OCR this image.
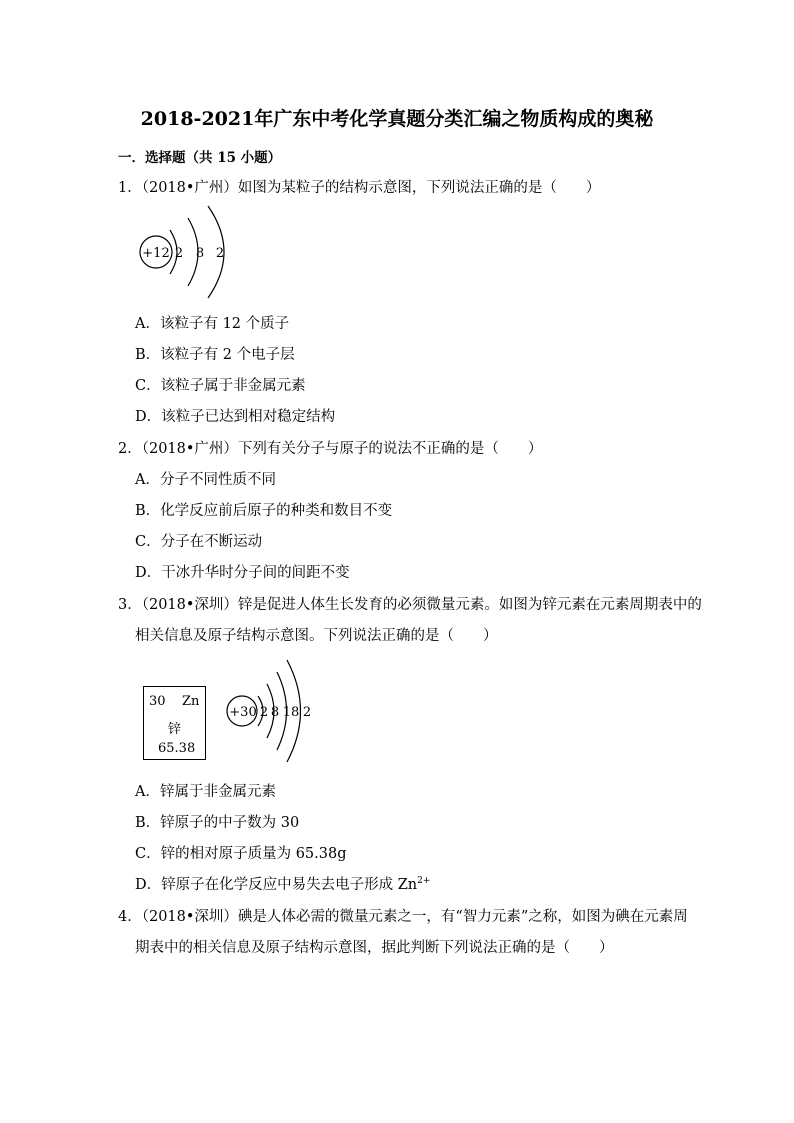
2018-2021年广东中考化学真题分类汇编之物质构成的奥秘
一．选择题（共 15 小题）
1．（2018•广州）如图为某粒子的结构示意图，下列说法正确的是（　　）
+12 2 8 2
A．该粒子有 12 个质子
B．该粒子有 2 个电子层
C．该粒子属于非金属元素
D．该粒子已达到相对稳定结构
2．（2018•广州）下列有关分子与原子的说法不正确的是（　　）
A．分子不同性质不同
B．化学反应前后原子的种类和数目不变
C．分子在不断运动
D．干冰升华时分子间的间距不变
3．（2018•深圳）锌是促进人体生长发育的必须微量元素。如图为锌元素在元素周期表中的
相关信息及原子结构示意图。下列说法正确的是（　　）
30 Zn
锌
65.38
+30 2 8 18 2
A．锌属于非金属元素
B．锌原子的中子数为 30
C．锌的相对原子质量为 65.38g
D．锌原子在化学反应中易失去电子形成 $Zn^{2+}$
4．（2018•深圳）碘是人体必需的微量元素之一，有“智力元素”之称，如图为碘在元素周
期表中的相关信息及原子结构示意图，据此判断下列说法正确的是（　　）
